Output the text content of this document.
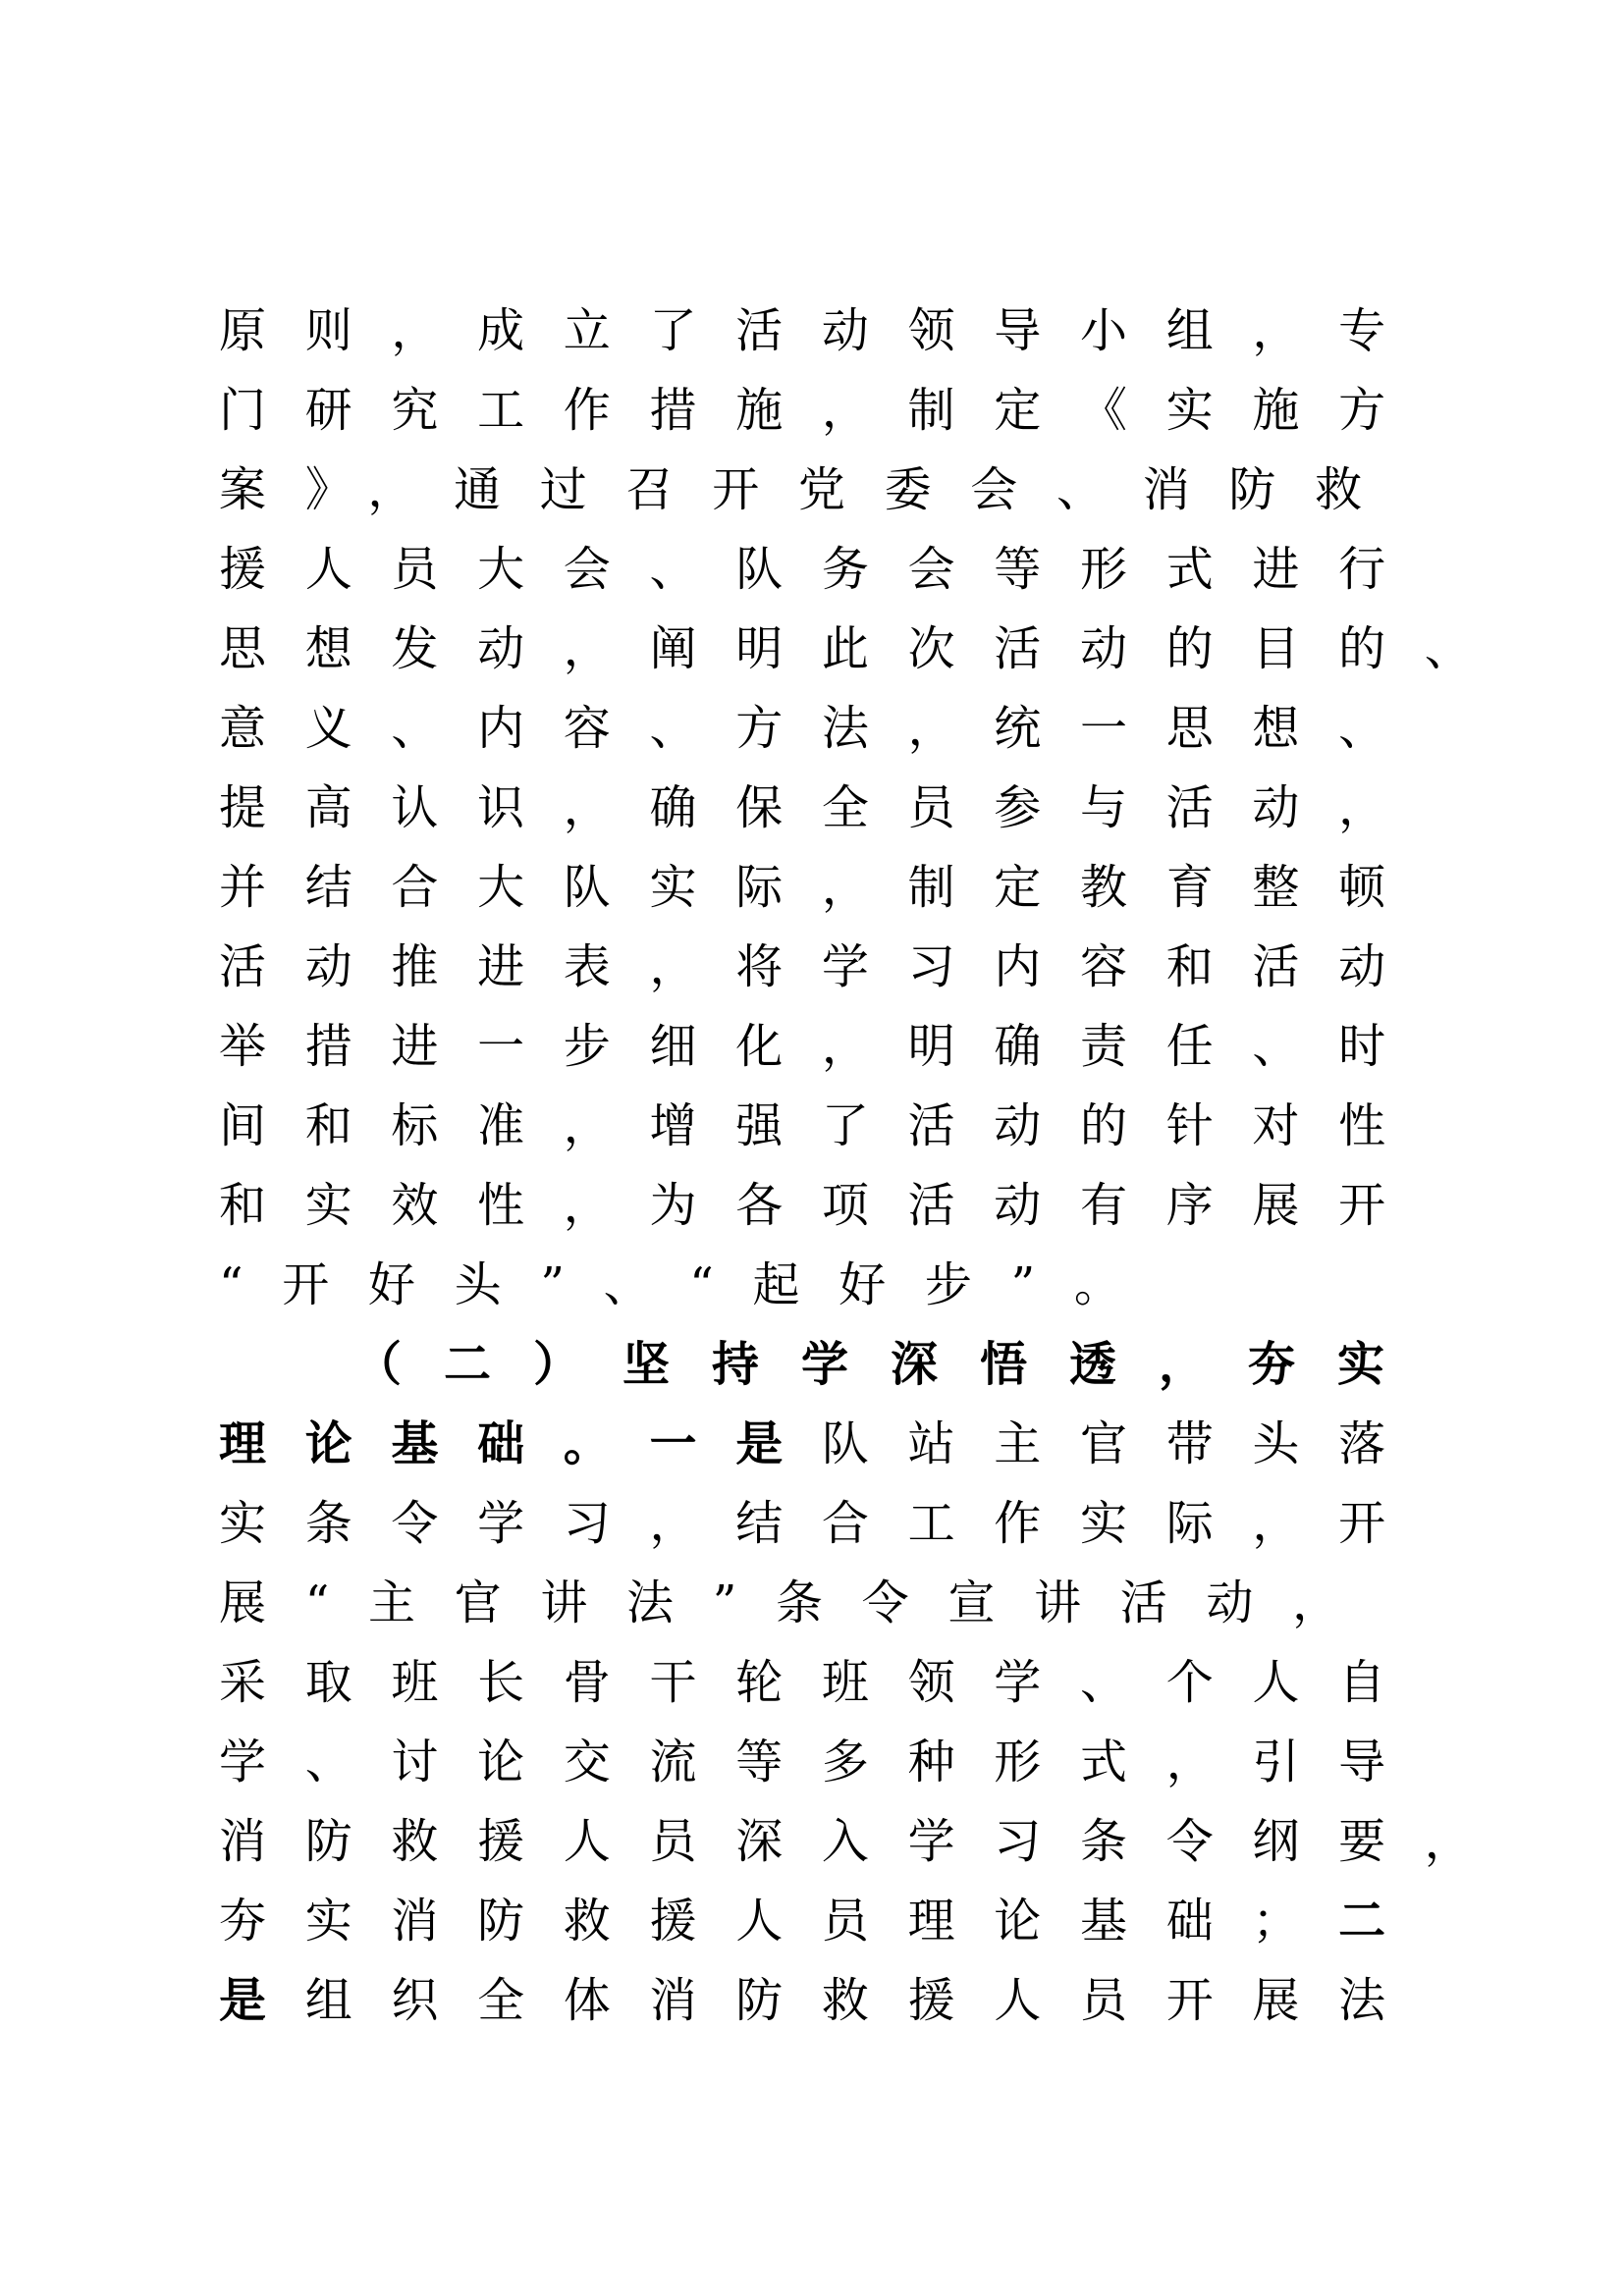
原则，成立了活动领导小组，专
门研究工作措施，制定《实施方
案》，通过召开党委会、消防救
援人员大会、队务会等形式进行
思想发动，阐明此次活动的目的、
意义、内容、方法，统一思想、
提高认识，确保全员参与活动，
并结合大队实际，制定教育整顿
活动推进表，将学习内容和活动
举措进一步细化，明确责任、时
间和标准，增强了活动的针对性
和实效性，为各项活动有序展开
“开好头”、“起好步”。
（二）坚持学深悟透，夯实
理论基础。一是队站主官带头落
实条令学习，结合工作实际，开
展“主官讲法”条令宣讲活动，
采取班长骨干轮班领学、个人自
学、讨论交流等多种形式，引导
消防救援人员深入学习条令纲要，
夯实消防救援人员理论基础；二
是组织全体消防救援人员开展法
